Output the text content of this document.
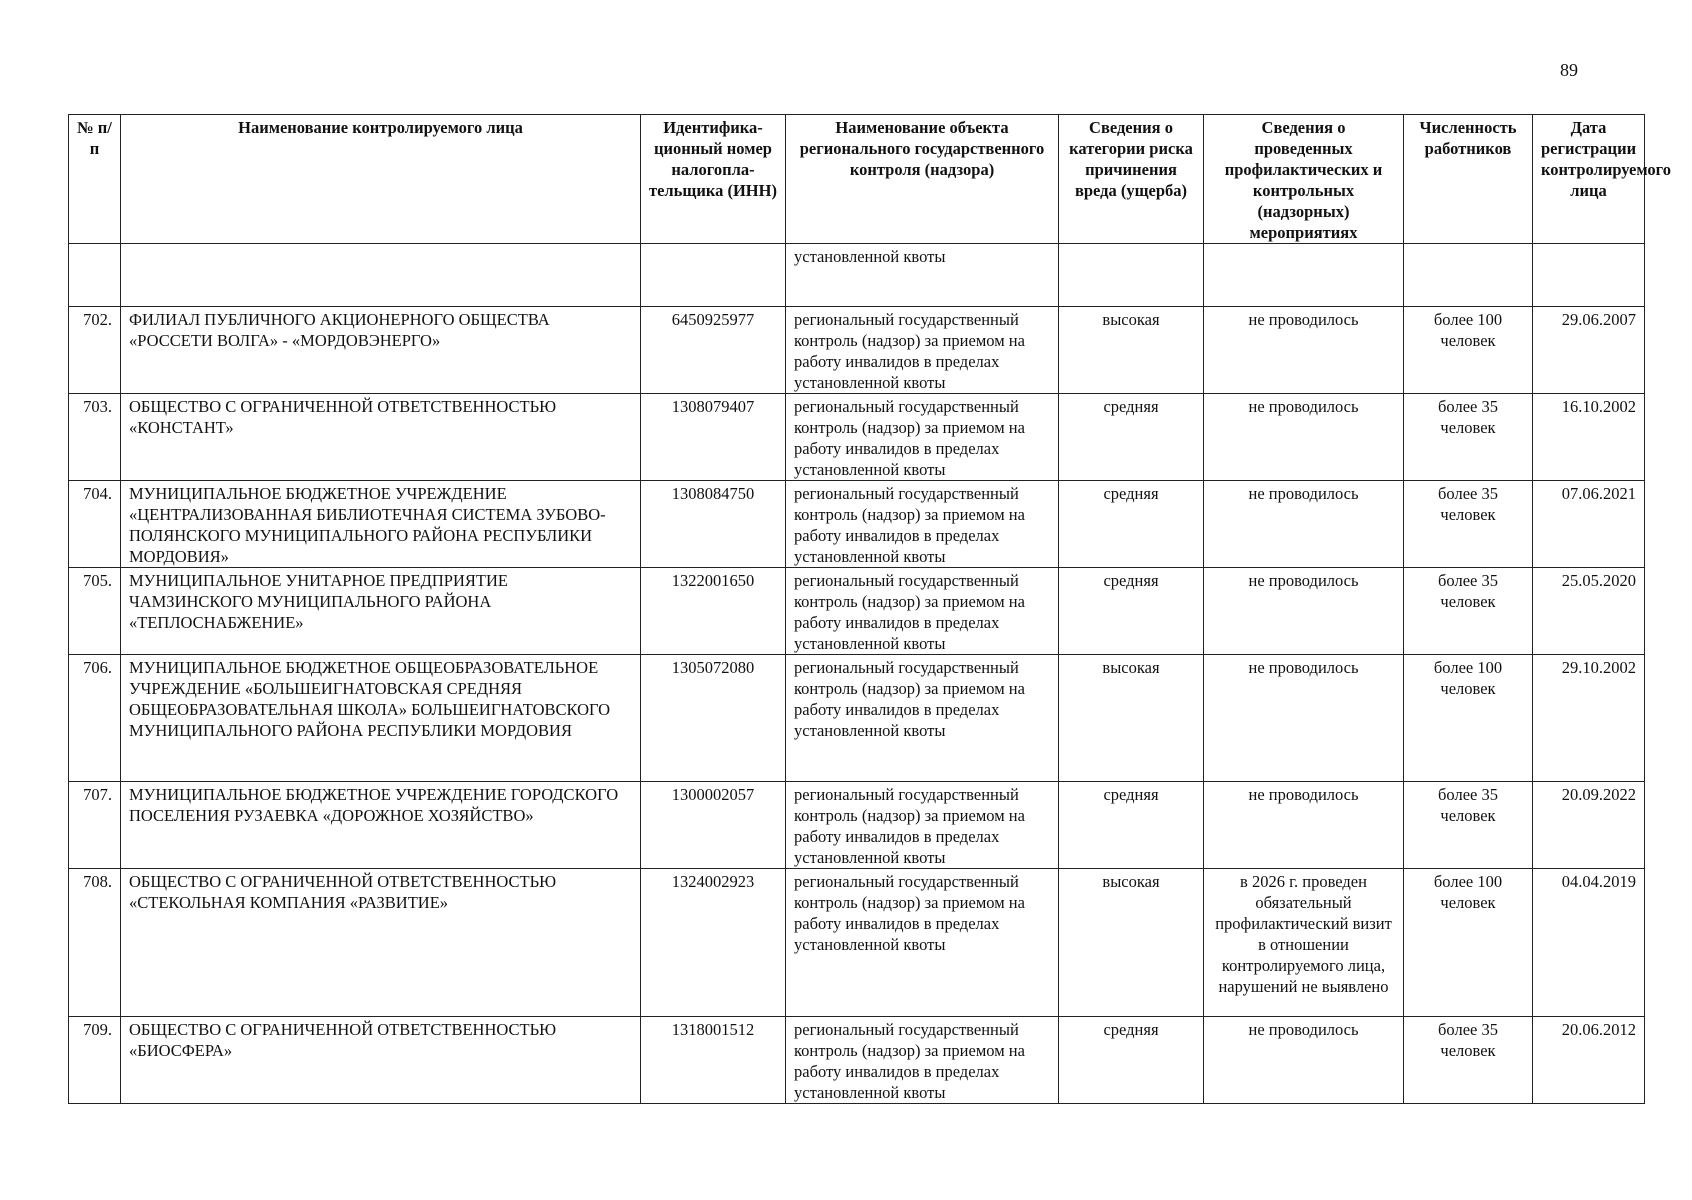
89
№ п/п	Наименование контролируемого лица	Идентифика-ционный номер налогопла-тельщика (ИНН)	Наименование объекта регионального государственного контроля (надзора)	Сведения о категории риска причинения вреда (ущерба)	Сведения о проведенных профилактических и контрольных (надзорных) мероприятиях	Численность работников	Дата регистрации контролируемого лица
			установленной квоты				
702.	ФИЛИАЛ ПУБЛИЧНОГО АКЦИОНЕРНОГО ОБЩЕСТВА «РОССЕТИ ВОЛГА» - «МОРДОВЭНЕРГО»	6450925977	региональный государственный контроль (надзор) за приемом на работу инвалидов в пределах установленной квоты	высокая	не проводилось	более 100 человек	29.06.2007
703.	ОБЩЕСТВО С ОГРАНИЧЕННОЙ ОТВЕТСТВЕННОСТЬЮ «КОНСТАНТ»	1308079407	региональный государственный контроль (надзор) за приемом на работу инвалидов в пределах установленной квоты	средняя	не проводилось	более 35 человек	16.10.2002
704.	МУНИЦИПАЛЬНОЕ БЮДЖЕТНОЕ УЧРЕЖДЕНИЕ «ЦЕНТРАЛИЗОВАННАЯ БИБЛИОТЕЧНАЯ СИСТЕМА ЗУБОВО-ПОЛЯНСКОГО МУНИЦИПАЛЬНОГО РАЙОНА РЕСПУБЛИКИ МОРДОВИЯ»	1308084750	региональный государственный контроль (надзор) за приемом на работу инвалидов в пределах установленной квоты	средняя	не проводилось	более 35 человек	07.06.2021
705.	МУНИЦИПАЛЬНОЕ УНИТАРНОЕ ПРЕДПРИЯТИЕ ЧАМЗИНСКОГО МУНИЦИПАЛЬНОГО РАЙОНА «ТЕПЛОСНАБЖЕНИЕ»	1322001650	региональный государственный контроль (надзор) за приемом на работу инвалидов в пределах установленной квоты	средняя	не проводилось	более 35 человек	25.05.2020
706.	МУНИЦИПАЛЬНОЕ БЮДЖЕТНОЕ ОБЩЕОБРАЗОВАТЕЛЬНОЕ УЧРЕЖДЕНИЕ «БОЛЬШЕИГНАТОВСКАЯ СРЕДНЯЯ ОБЩЕОБРАЗОВАТЕЛЬНАЯ ШКОЛА» БОЛЬШЕИГНАТОВСКОГО МУНИЦИПАЛЬНОГО РАЙОНА РЕСПУБЛИКИ МОРДОВИЯ	1305072080	региональный государственный контроль (надзор) за приемом на работу инвалидов в пределах установленной квоты	высокая	не проводилось	более 100 человек	29.10.2002
707.	МУНИЦИПАЛЬНОЕ БЮДЖЕТНОЕ УЧРЕЖДЕНИЕ ГОРОДСКОГО ПОСЕЛЕНИЯ РУЗАЕВКА «ДОРОЖНОЕ ХОЗЯЙСТВО»	1300002057	региональный государственный контроль (надзор) за приемом на работу инвалидов в пределах установленной квоты	средняя	не проводилось	более 35 человек	20.09.2022
708.	ОБЩЕСТВО С ОГРАНИЧЕННОЙ ОТВЕТСТВЕННОСТЬЮ «СТЕКОЛЬНАЯ КОМПАНИЯ «РАЗВИТИЕ»	1324002923	региональный государственный контроль (надзор) за приемом на работу инвалидов в пределах установленной квоты	высокая	в 2026 г. проведен обязательный профилактический визит в отношении контролируемого лица, нарушений не выявлено	более 100 человек	04.04.2019
709.	ОБЩЕСТВО С ОГРАНИЧЕННОЙ ОТВЕТСТВЕННОСТЬЮ «БИОСФЕРА»	1318001512	региональный государственный контроль (надзор) за приемом на работу инвалидов в пределах установленной квоты	средняя	не проводилось	более 35 человек	20.06.2012
